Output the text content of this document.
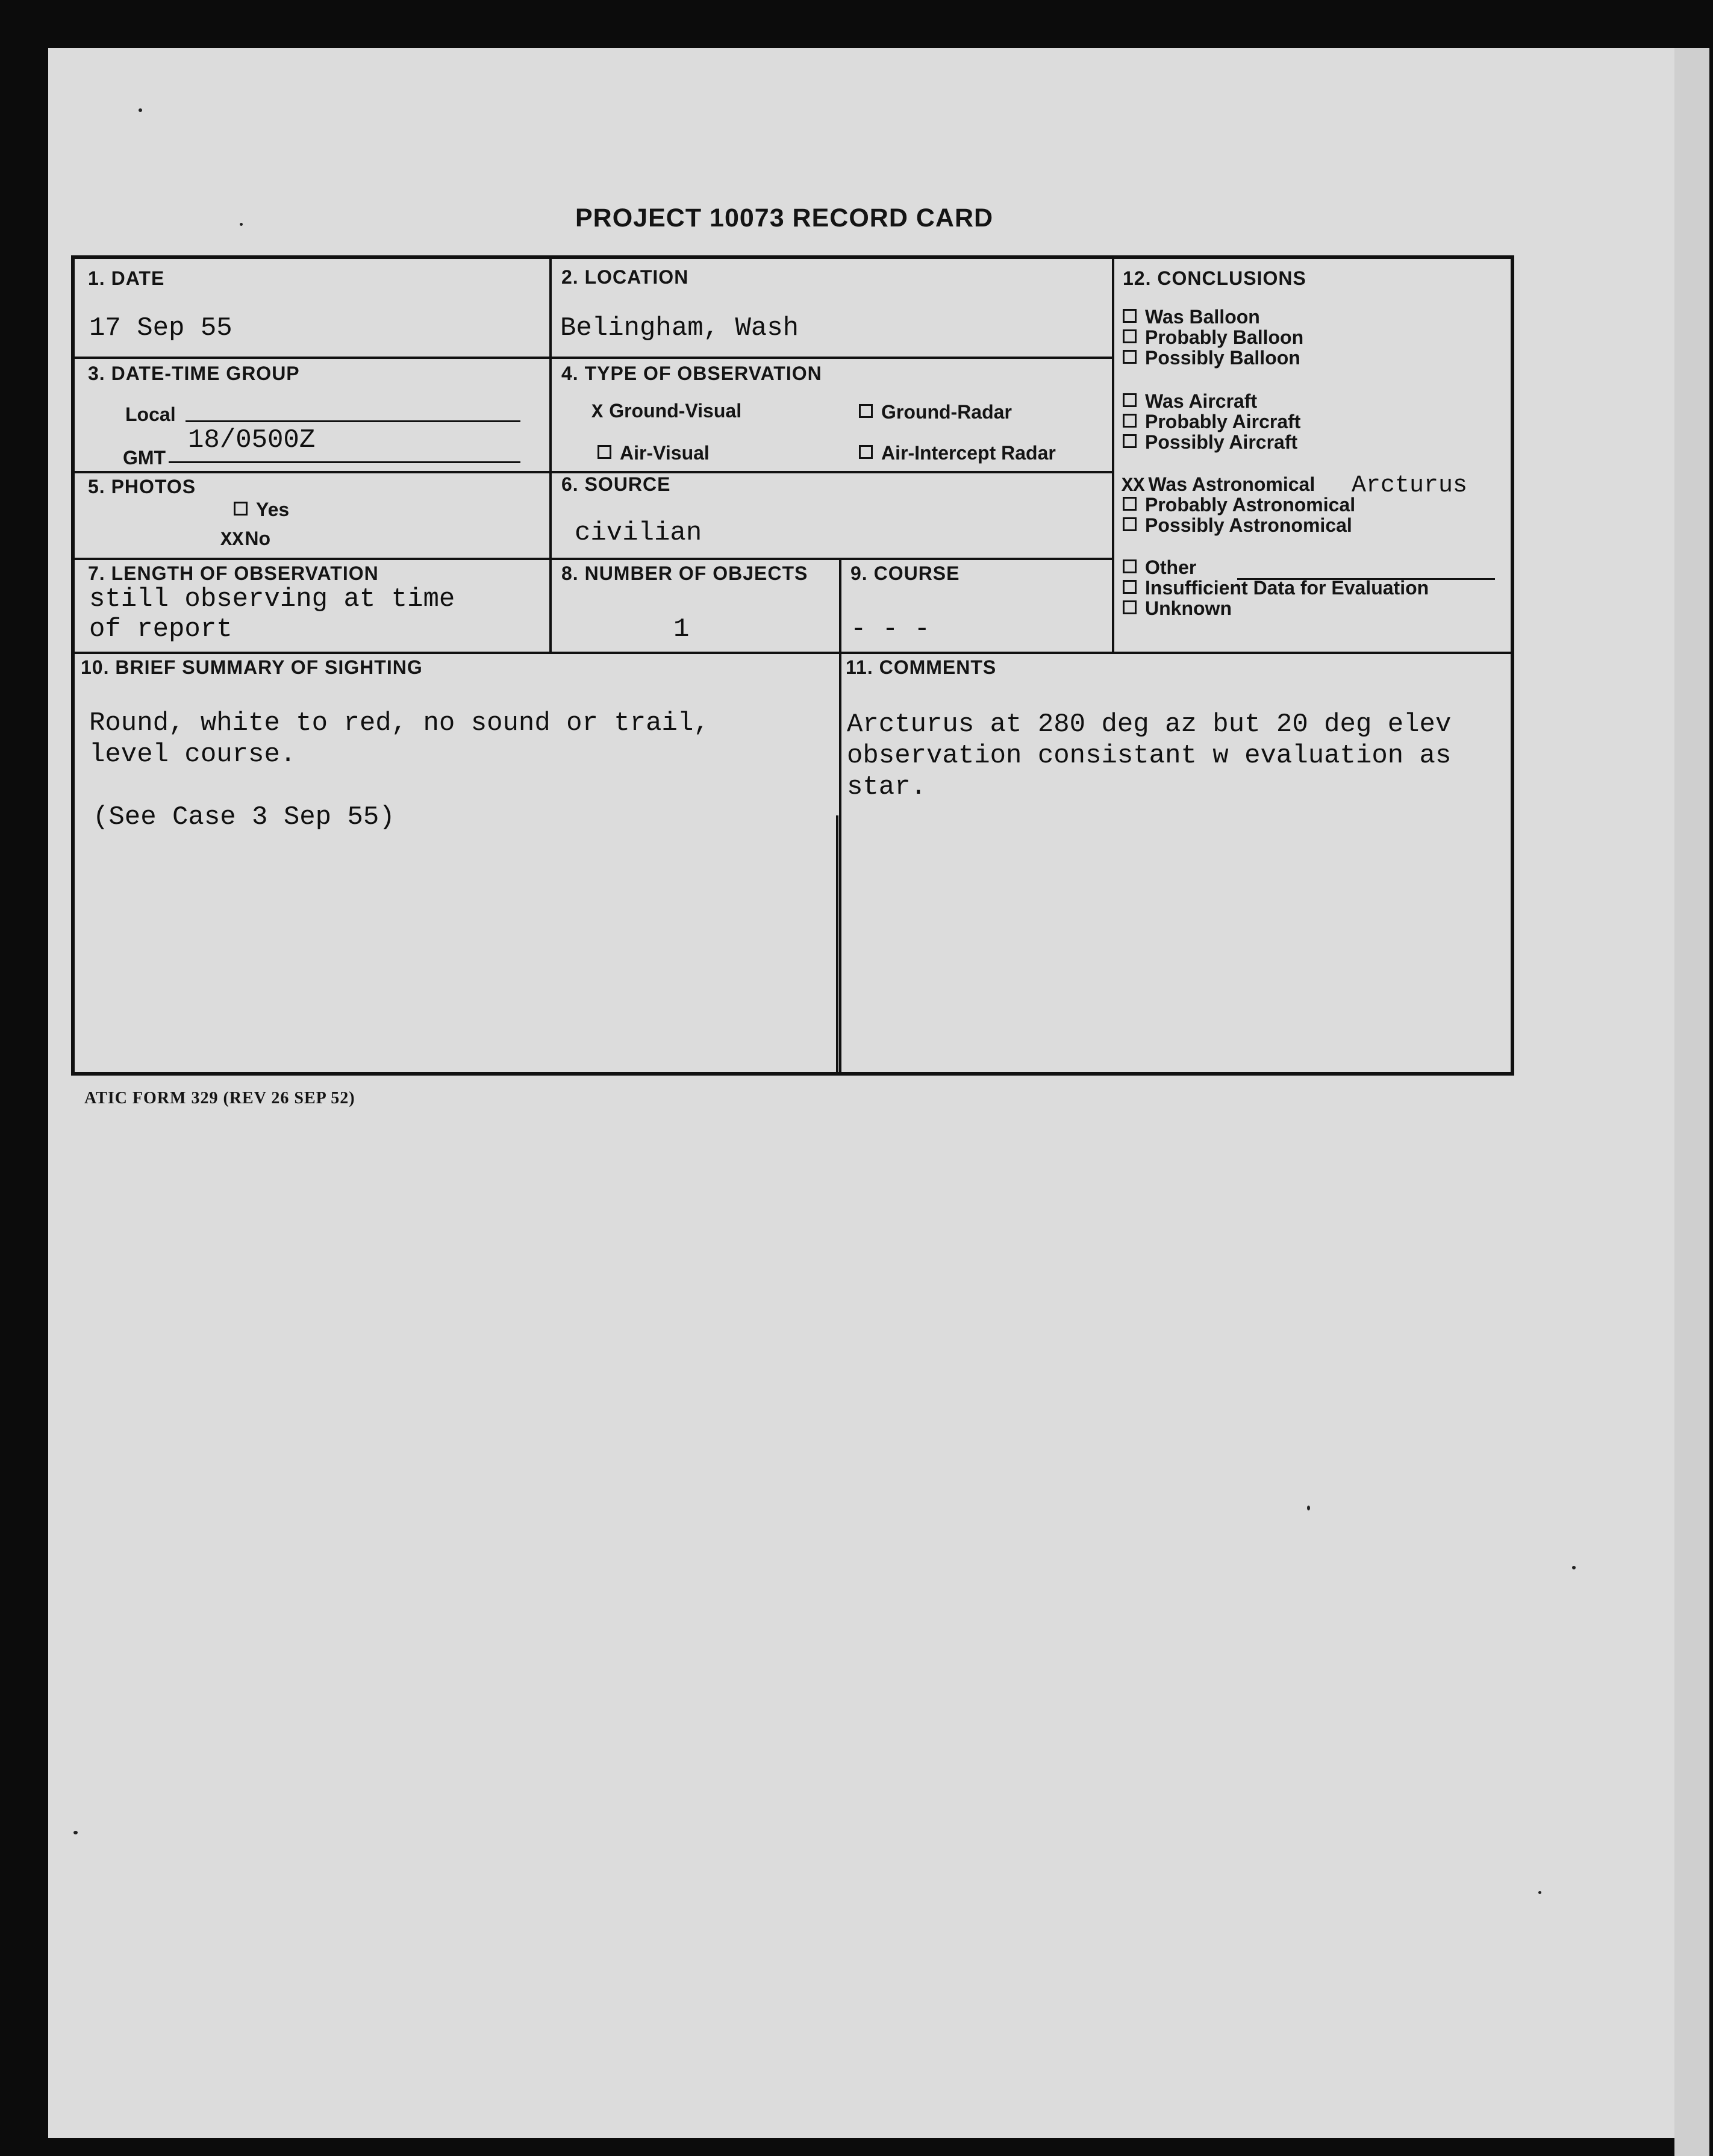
PROJECT 10073 RECORD CARD
1. DATE
17 Sep 55
2. LOCATION
Belingham, Wash
3. DATE-TIME GROUP
Local
GMT
18/0500Z
4. TYPE OF OBSERVATION
X Ground-Visual	Ground-Radar
Air-Visual	Air-Intercept Radar
5. PHOTOS
Yes
XXNo
6. SOURCE
civilian
7. LENGTH OF OBSERVATION
still observing at time
of report
8. NUMBER OF OBJECTS
1
9. COURSE
- - -
12. CONCLUSIONS
Was Balloon
Probably Balloon
Possibly Balloon
Was Aircraft
Probably Aircraft
Possibly Aircraft
XX Was Astronomical Arcturus
Probably Astronomical
Possibly Astronomical
Other
Insufficient Data for Evaluation
Unknown
10. BRIEF SUMMARY OF SIGHTING
Round, white to red, no sound or trail,
level course.
(See Case 3 Sep 55)
11. COMMENTS
Arcturus at 280 deg az but 20 deg elev
observation consistant w evaluation as
star.
ATIC FORM 329 (REV 26 SEP 52)
